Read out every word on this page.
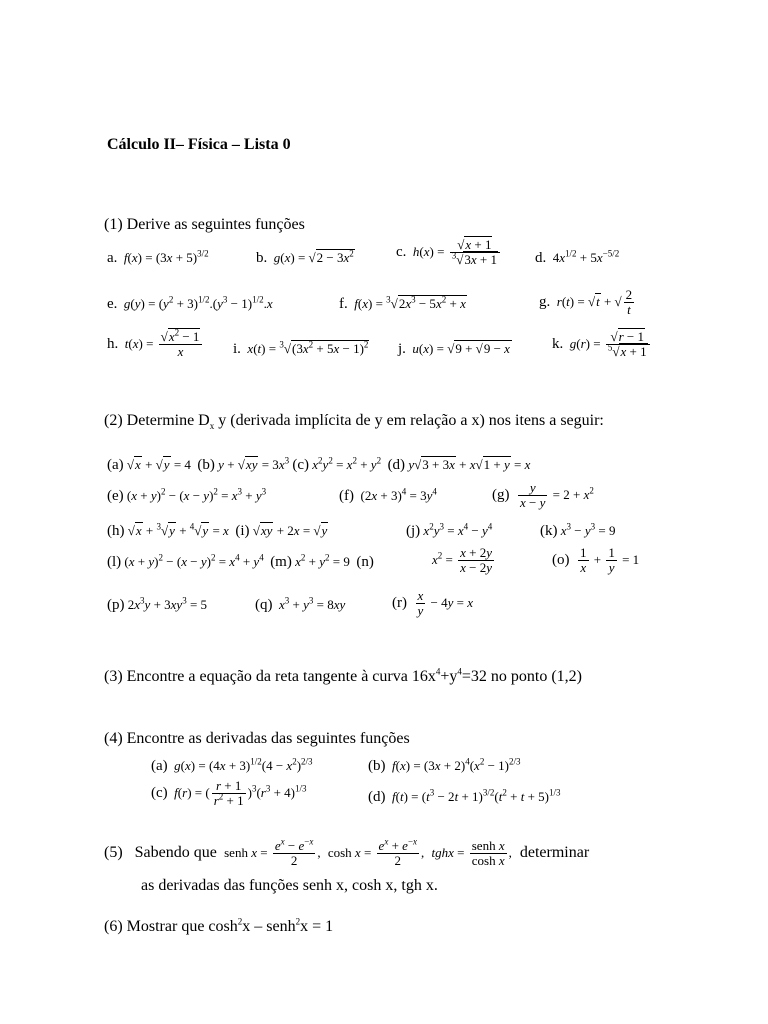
Cálculo II– Física – Lista 0
(1) Derive as seguintes funções
a. $f(x) = (3x + 5)^{3/2}$	b. $g(x) = √2 - 3x^2$	c. $h(x) = \frac{√x + 1}{^3√3x + 1} d$.  $4x^{1/2} + 5x^{-5/2}$
e. $g(y) = (y^2 + 3)^{1/2}.(y^3 - 1)^{1/2}.x$	f. $f(x) = ^3√2x^3 - 5x^2 + x$	g. r(t) = √t + √ $\frac{2}{t}$
h. $t(x) = \frac{√x^2 - 1}{x} i$. $x(t) = ^3√(3x^2 + 5x - 1)^2$ j. u(x) = √9 + √9 − x	k. $g(r) = \frac{√r - 1}{^5√x + 1}$
(2) Determine $D_x$ y (derivada implícita de y em relação a x) nos itens a seguir:
(a) √x + √y = 4 (b) $y + √xy = 3x^3$ (c) $x^2y^2 = x^2 + y^2$ (d) y√3 + 3x + x√1 + y = x
(e) $(x + y)^2 - (x - y)^2 = x^3 + y^3$	(f)  $(2x + 3)^4 = 3y^4$	$(g) \frac{y}{x - y} = 2 + x^2$
(h) √x + $^3$√y + $^4$√y = x (i) √xy + 2x = √y	(j) $x^2y^3 = x^4 - y^4$	(k) $x^3 - y^3 = 9$
(l) $(x + y)^2 - (x - y)^2 = x^4 + y^4$ (m) $x^2 + y^2 = 9$ (n)	$x^2 = \frac{x + 2y}{x - 2y}$	$(o) \frac{1}{x} + \frac{1}{y} = 1$
(p) $2x^3y + 3xy^3 = 5$	(q) $x^3 + y^3 = 8xy$	$(r) \frac{x}{y} - 4y = x$
(3) Encontre a equação da reta tangente à curva $16x^4+y^4=32$ no ponto (1,2)
(4) Encontre as derivadas das seguintes funções
(a) $g(x) = (4x + 3)^{1/2}(4 - x^2)^{2/3}$	(b) $f(x) = (3x + 2)^4(x^2 - 1)^{2/3}$
(c) f(r) = ( $\frac{r + 1}{r^2 + 1} )^3(r^3 + 4)^{1/3}$
(d) $f(t) = (t^3 - 2t + 1)^{3/2}(t^2 + t + 5)^{1/3}$
(5) Sabendo que  senh $x = \frac{e^x - e^{-x}}{2}$ ,  $\cosh x = \frac{e^x + e^{-x}}{2}$ , tghx = $\frac{\text{senh x}}{\text{cosh x}}$ , determinar
as derivadas das funções senh x, cosh x, tgh x.
(6) Mostrar que $\cosh^2x$ – senh$^2$x = 1
